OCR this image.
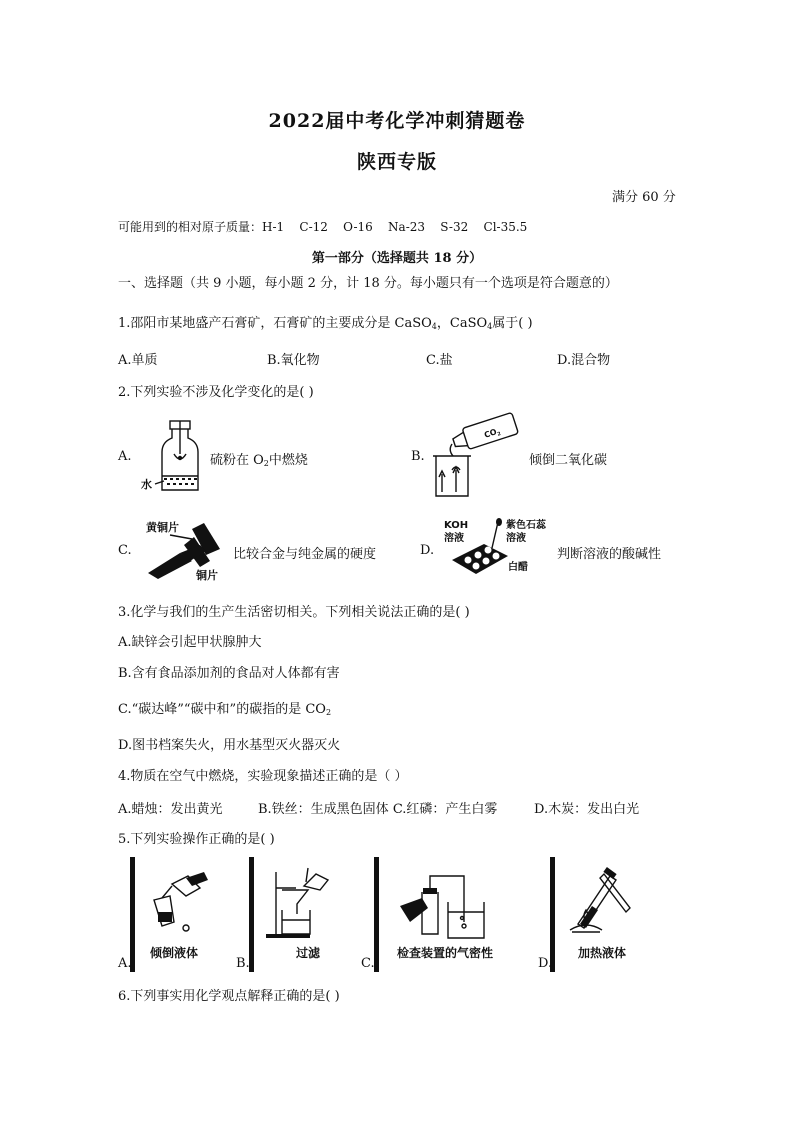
2022届中考化学冲刺猜题卷
陕西专版
满分 60 分
可能用到的相对原子质量：H-1    C-12    O-16    Na-23    S-32    Cl-35.5
第一部分（选择题共 18 分）
一、选择题（共 9 小题，每小题 2 分，计 18 分。每小题只有一个选项是符合题意的）
1.邵阳市某地盛产石膏矿，石膏矿的主要成分是 CaSO$_4$，CaSO$_4$属于( )
A.单质	B.氧化物	C.盐	D.混合物
2.下列实验不涉及化学变化的是( )
A.
水
硫粉在 $O_2$中燃烧	B.
$CO_2$
倾倒二氧化碳
C.
黄铜片
铜片
比较合金与纯金属的硬度	D.
KOH
溶液
紫色石蕊
溶液
白醋
判断溶液的酸碱性
3.化学与我们的生产生活密切相关。下列相关说法正确的是( )
A.缺锌会引起甲状腺肿大
B.含有食品添加剂的食品对人体都有害
C.“碳达峰”“碳中和”的碳指的是 $CO_2$
D.图书档案失火，用水基型灭火器灭火
4.物质在空气中燃烧，实验现象描述正确的是（ ）
A.蜡烛：发出黄光	B.铁丝：生成黑色固体 C.红磷：产生白雾	D.木炭：发出白光
5.下列实验操作正确的是( )
倾倒液体
A.
过滤
B.
检查装置的气密性
C.
加热液体
D.
6.下列事实用化学观点解释正确的是( )
